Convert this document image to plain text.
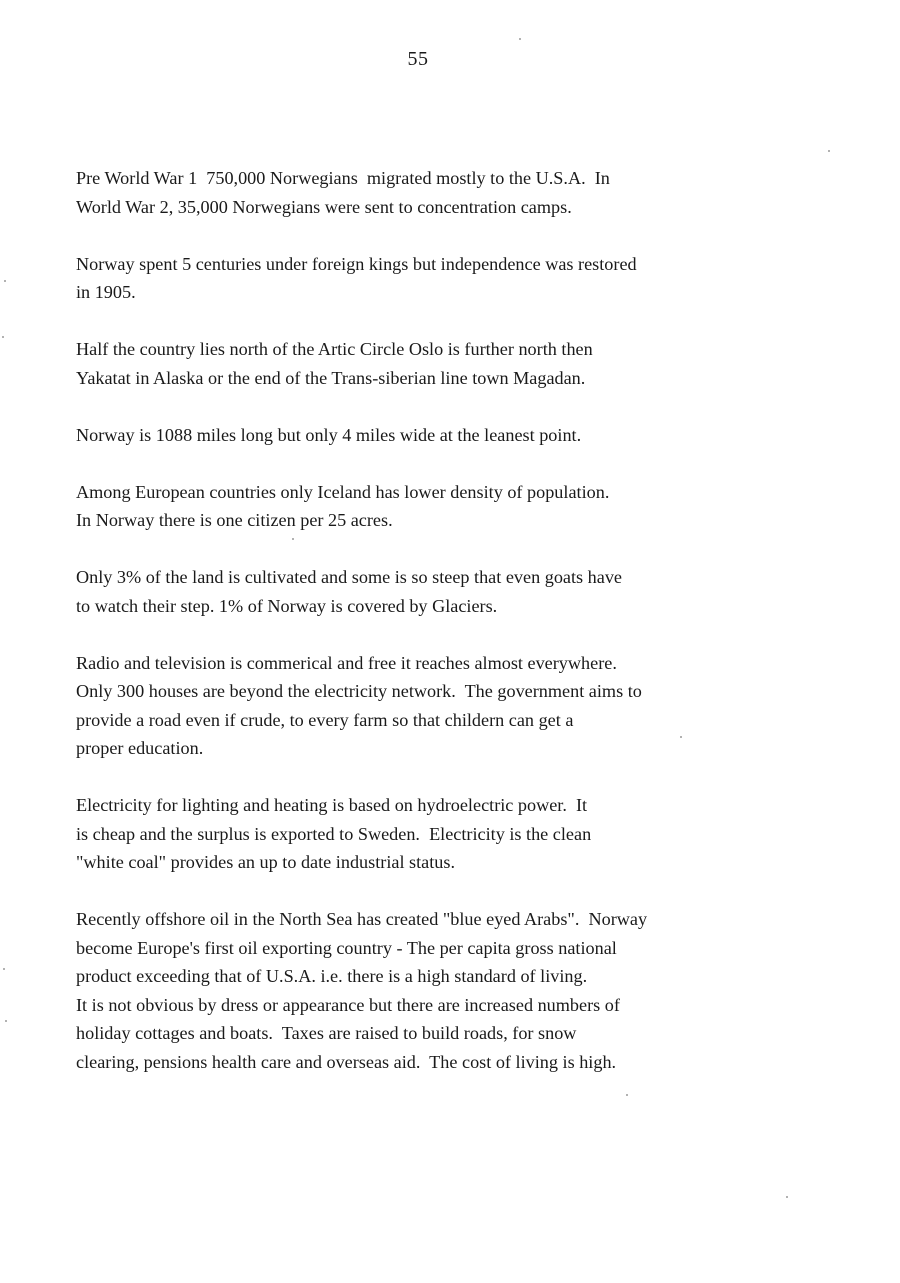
55

Pre World War 1  750,000 Norwegians  migrated mostly to the U.S.A.  In
World War 2, 35,000 Norwegians were sent to concentration camps.

Norway spent 5 centuries under foreign kings but independence was restored
in 1905.

Half the country lies north of the Artic Circle Oslo is further north then
Yakatat in Alaska or the end of the Trans-siberian line town Magadan.

Norway is 1088 miles long but only 4 miles wide at the leanest point.

Among European countries only Iceland has lower density of population.
In Norway there is one citizen per 25 acres.

Only 3% of the land is cultivated and some is so steep that even goats have
to watch their step. 1% of Norway is covered by Glaciers.

Radio and television is commerical and free it reaches almost everywhere.
Only 300 houses are beyond the electricity network.  The government aims to
provide a road even if crude, to every farm so that childern can get a
proper education.

Electricity for lighting and heating is based on hydroelectric power.  It
is cheap and the surplus is exported to Sweden.  Electricity is the clean
"white coal" provides an up to date industrial status.

Recently offshore oil in the North Sea has created "blue eyed Arabs".  Norway
become Europe's first oil exporting country - The per capita gross national
product exceeding that of U.S.A. i.e. there is a high standard of living.
It is not obvious by dress or appearance but there are increased numbers of
holiday cottages and boats.  Taxes are raised to build roads, for snow
clearing, pensions health care and overseas aid.  The cost of living is high.
